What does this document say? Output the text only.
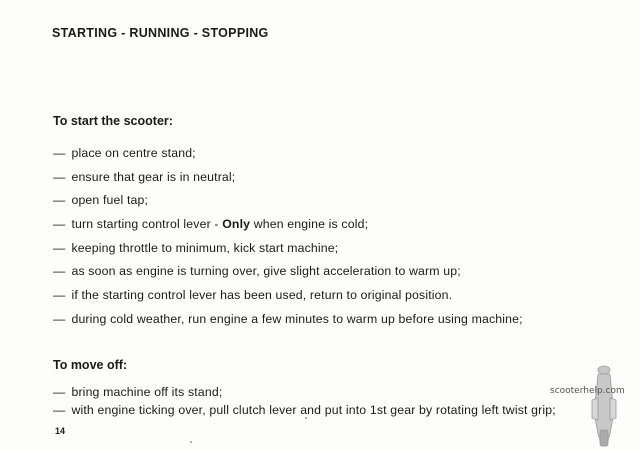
STARTING - RUNNING - STOPPING
To start the scooter:
— place on centre stand;
— ensure that gear is in neutral;
— open fuel tap;
— turn starting control lever - Only when engine is cold;
— keeping throttle to minimum, kick start machine;
— as soon as engine is turning over, give slight acceleration to warm up;
— if the starting control lever has been used, return to original position.
— during cold weather, run engine a few minutes to warm up before using machine;
To move off:
— bring machine off its stand;
— with engine ticking over, pull clutch lever and put into 1st gear by rotating left twist grip;
14
scooterhelp.com
